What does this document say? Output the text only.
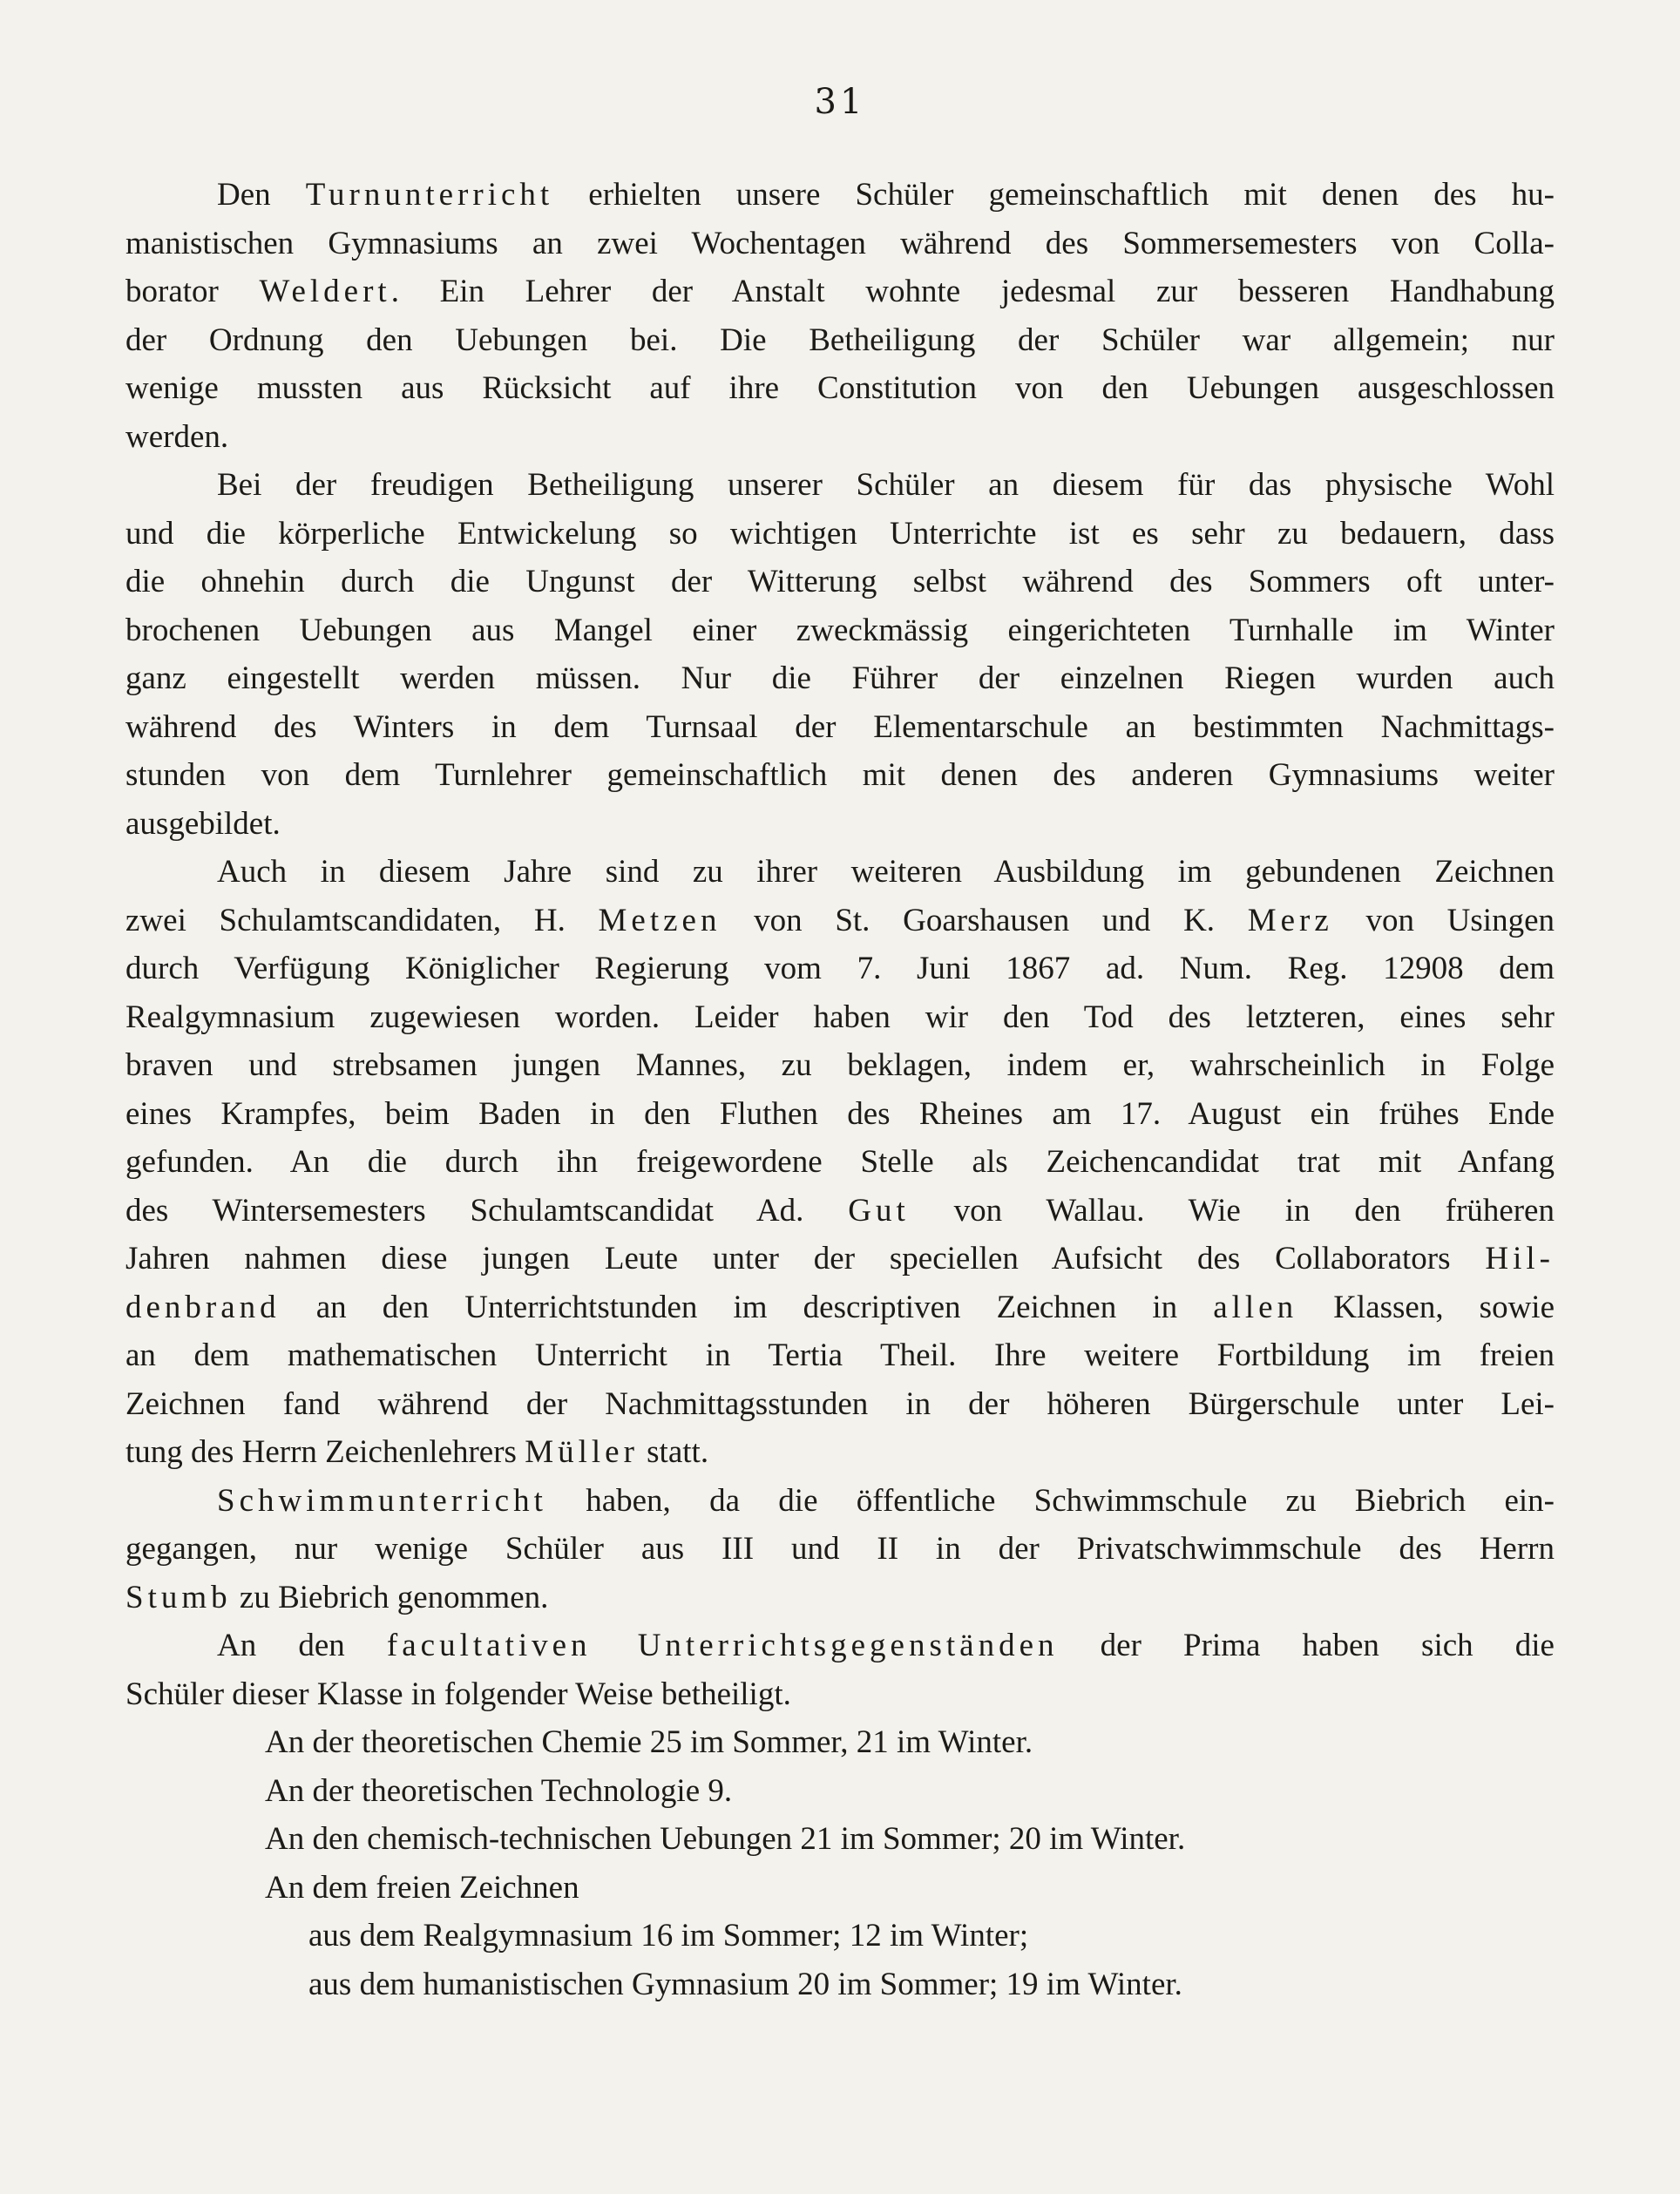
31
Den Turnunterricht erhielten unsere Schüler gemeinschaftlich mit denen des hu-
manistischen Gymnasiums an zwei Wochentagen während des Sommersemesters von Colla-
borator Weldert. Ein Lehrer der Anstalt wohnte jedesmal zur besseren Handhabung
der Ordnung den Uebungen bei. Die Betheiligung der Schüler war allgemein; nur
wenige mussten aus Rücksicht auf ihre Constitution von den Uebungen ausgeschlossen
werden.
Bei der freudigen Betheiligung unserer Schüler an diesem für das physische Wohl
und die körperliche Entwickelung so wichtigen Unterrichte ist es sehr zu bedauern, dass
die ohnehin durch die Ungunst der Witterung selbst während des Sommers oft unter-
brochenen Uebungen aus Mangel einer zweckmässig eingerichteten Turnhalle im Winter
ganz eingestellt werden müssen. Nur die Führer der einzelnen Riegen wurden auch
während des Winters in dem Turnsaal der Elementarschule an bestimmten Nachmittags-
stunden von dem Turnlehrer gemeinschaftlich mit denen des anderen Gymnasiums weiter
ausgebildet.
Auch in diesem Jahre sind zu ihrer weiteren Ausbildung im gebundenen Zeichnen
zwei Schulamtscandidaten, H. Metzen von St. Goarshausen und K. Merz von Usingen
durch Verfügung Königlicher Regierung vom 7. Juni 1867 ad. Num. Reg. 12908 dem
Realgymnasium zugewiesen worden. Leider haben wir den Tod des letzteren, eines sehr
braven und strebsamen jungen Mannes, zu beklagen, indem er, wahrscheinlich in Folge
eines Krampfes, beim Baden in den Fluthen des Rheines am 17. August ein frühes Ende
gefunden. An die durch ihn freigewordene Stelle als Zeichencandidat trat mit Anfang
des Wintersemesters Schulamtscandidat Ad. Gut von Wallau. Wie in den früheren
Jahren nahmen diese jungen Leute unter der speciellen Aufsicht des Collaborators Hil-
denbrand an den Unterrichtstunden im descriptiven Zeichnen in allen Klassen, sowie
an dem mathematischen Unterricht in Tertia Theil. Ihre weitere Fortbildung im freien
Zeichnen fand während der Nachmittagsstunden in der höheren Bürgerschule unter Lei-
tung des Herrn Zeichenlehrers Müller statt.
Schwimmunterricht haben, da die öffentliche Schwimmschule zu Biebrich ein-
gegangen, nur wenige Schüler aus III und II in der Privatschwimmschule des Herrn
Stumb zu Biebrich genommen.
An den facultativen Unterrichtsgegenständen der Prima haben sich die
Schüler dieser Klasse in folgender Weise betheiligt.
An der theoretischen Chemie 25 im Sommer, 21 im Winter.
An der theoretischen Technologie 9.
An den chemisch-technischen Uebungen 21 im Sommer; 20 im Winter.
An dem freien Zeichnen
aus dem Realgymnasium 16 im Sommer; 12 im Winter;
aus dem humanistischen Gymnasium 20 im Sommer; 19 im Winter.
